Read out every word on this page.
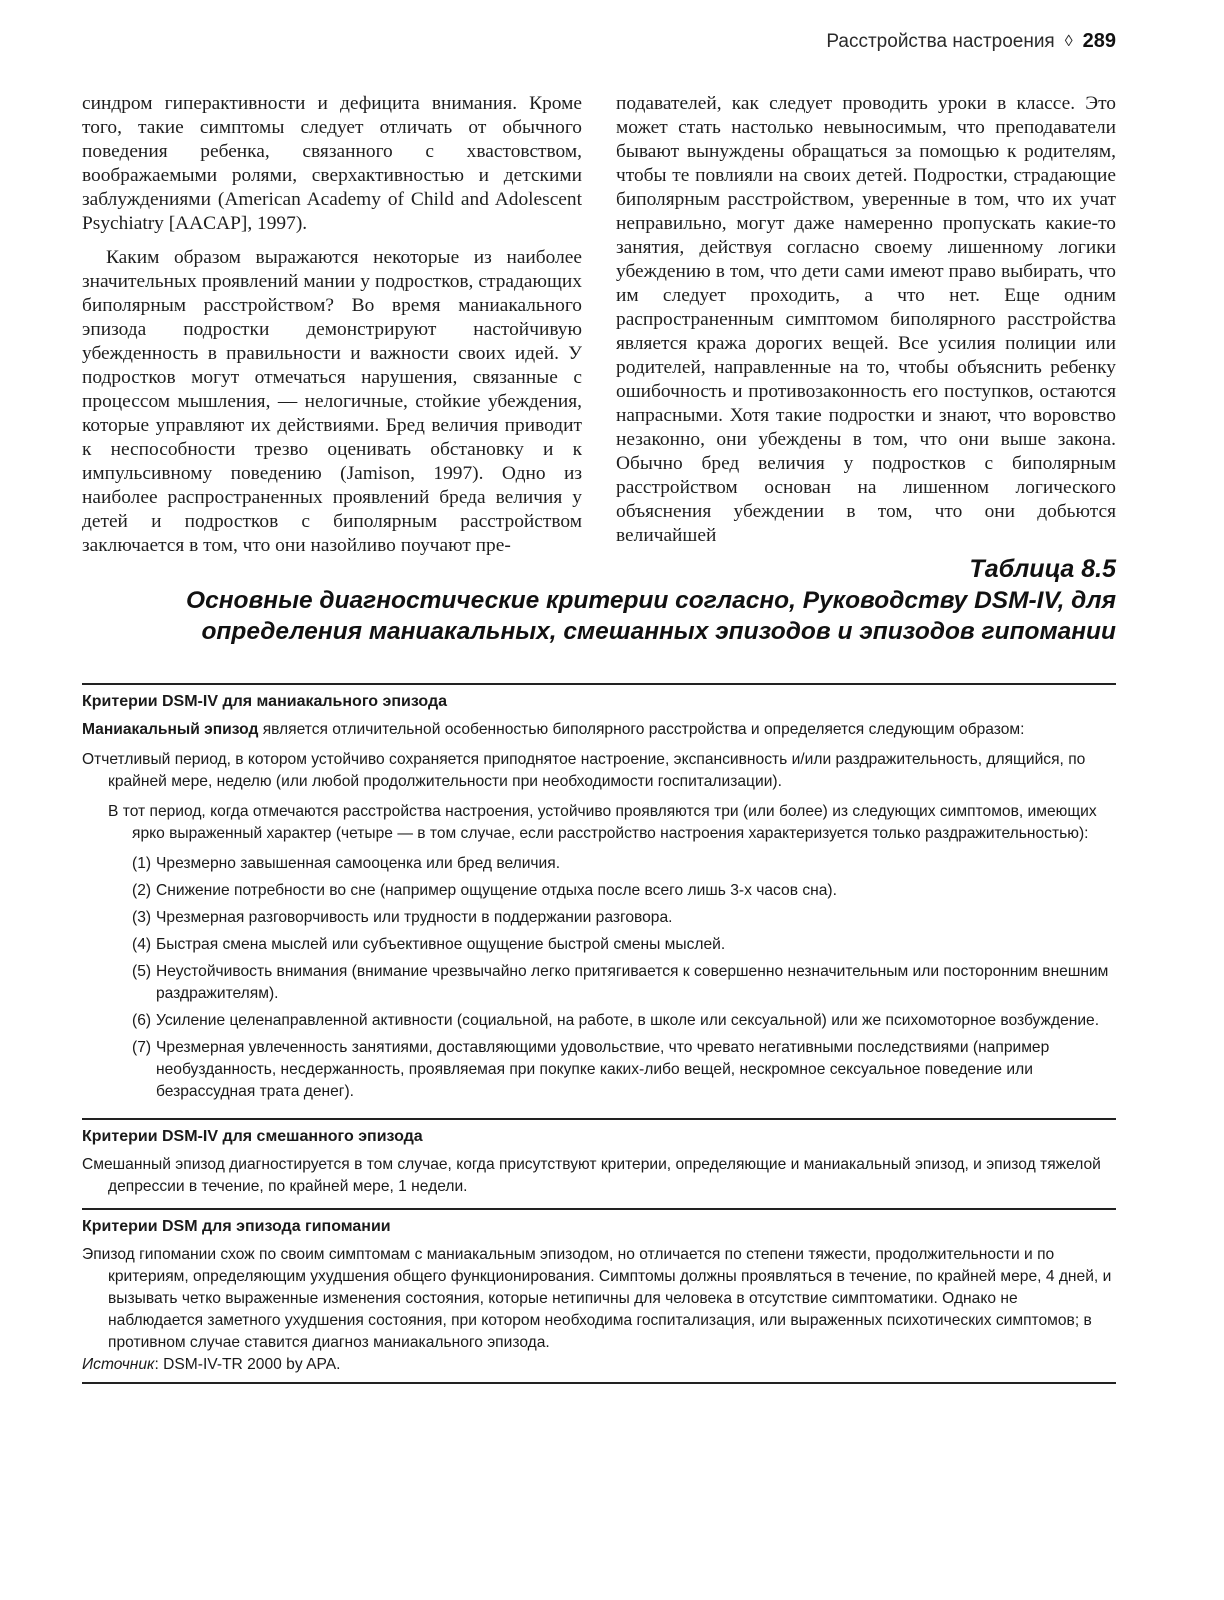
Расстройства настроения ◊ 289

синдром гиперактивности и дефицита внимания. Кроме того, такие симптомы следует отличать от обычного поведения ребенка, связанного с хвастовством, воображаемыми ролями, сверхактивностью и детскими заблуждениями (American Academy of Child and Adolescent Psychiatry [AACAP], 1997).

Каким образом выражаются некоторые из наиболее значительных проявлений мании у подростков, страдающих биполярным расстройством? Во время маниакального эпизода подростки демонстрируют настойчивую убежденность в правильности и важности своих идей. У подростков могут отмечаться нарушения, связанные с процессом мышления, — нелогичные, стойкие убеждения, которые управляют их действиями. Бред величия приводит к неспособности трезво оценивать обстановку и к импульсивному поведению (Jamison, 1997). Одно из наиболее распространенных проявлений бреда величия у детей и подростков с биполярным расстройством заключается в том, что они назойливо поучают пре-

подавателей, как следует проводить уроки в классе. Это может стать настолько невыносимым, что преподаватели бывают вынуждены обращаться за помощью к родителям, чтобы те повлияли на своих детей. Подростки, страдающие биполярным расстройством, уверенные в том, что их учат неправильно, могут даже намеренно пропускать какие-то занятия, действуя согласно своему лишенному логики убеждению в том, что дети сами имеют право выбирать, что им следует проходить, а что нет. Еще одним распространенным симптомом биполярного расстройства является кража дорогих вещей. Все усилия полиции или родителей, направленные на то, чтобы объяснить ребенку ошибочность и противозаконность его поступков, остаются напрасными. Хотя такие подростки и знают, что воровство незаконно, они убеждены в том, что они выше закона. Обычно бред величия у подростков с биполярным расстройством основан на лишенном логического объяснения убеждении в том, что они добьются величайшей

Таблица 8.5
Основные диагностические критерии согласно, Руководству DSM-IV, для
определения маниакальных, смешанных эпизодов и эпизодов гипомании
Критерии DSM-IV для маниакального эпизода

Маниакальный эпизод является отличительной особенностью биполярного расстройства и определяется следующим образом:

Отчетливый период, в котором устойчиво сохраняется приподнятое настроение, экспансивность и/или раздражительность, длящийся, по крайней мере, неделю (или любой продолжительности при необходимости госпитализации).

В тот период, когда отмечаются расстройства настроения, устойчиво проявляются три (или более) из следующих симптомов, имеющих ярко выраженный характер (четыре — в том случае, если расстройство настроения характеризуется только раздражительностью):

(1) Чрезмерно завышенная самооценка или бред величия.
(2) Снижение потребности во сне (например ощущение отдыха после всего лишь 3-х часов сна).
(3) Чрезмерная разговорчивость или трудности в поддержании разговора.
(4) Быстрая смена мыслей или субъективное ощущение быстрой смены мыслей.
(5) Неустойчивость внимания (внимание чрезвычайно легко притягивается к совершенно незначительным или посторонним внешним раздражителям).
(6) Усиление целенаправленной активности (социальной, на работе, в школе или сексуальной) или же психомоторное возбуждение.
(7) Чрезмерная увлеченность занятиями, доставляющими удовольствие, что чревато негативными последствиями (например необузданность, несдержанность, проявляемая при покупке каких-либо вещей, нескромное сексуальное поведение или безрассудная трата денег).
Критерии DSM-IV для смешанного эпизода

Смешанный эпизод диагностируется в том случае, когда присутствуют критерии, определяющие и маниакальный эпизод, и эпизод тяжелой депрессии в течение, по крайней мере, 1 недели.

Критерии DSM для эпизода гипомании

Эпизод гипомании схож по своим симптомам с маниакальным эпизодом, но отличается по степени тяжести, продолжительности и по критериям, определяющим ухудшения общего функционирования. Симптомы должны проявляться в течение, по крайней мере, 4 дней, и вызывать четко выраженные изменения состояния, которые нетипичны для человека в отсутствие симптоматики. Однако не наблюдается заметного ухудшения состояния, при котором необходима госпитализация, или выраженных психотических симптомов; в противном случае ставится диагноз маниакального эпизода.

Источник: DSM-IV-TR 2000 by APA.
